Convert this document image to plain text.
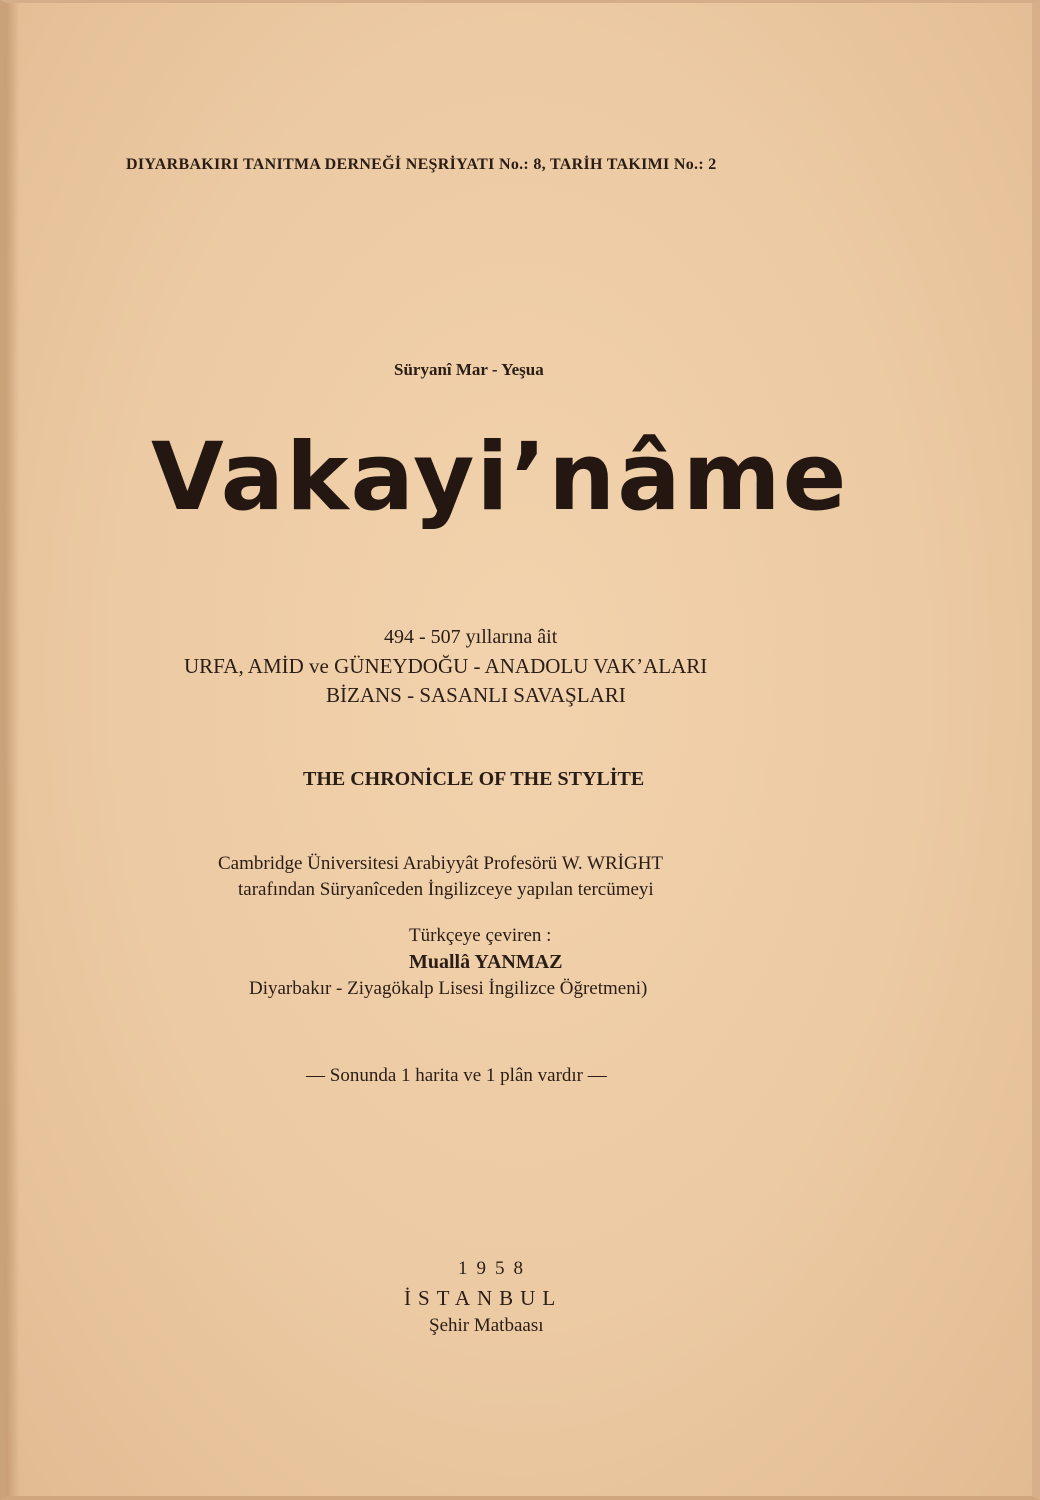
DIYARBAKIRI TANITMA DERNEĞİ NEŞRİYATI No.: 8, TARİH TAKIMI No.: 2
Süryanî Mar - Yeşua
Vakayi’nâme
494 - 507 yıllarına âit
URFA, AMİD ve GÜNEYDOĞU - ANADOLU VAK’ALARI
BİZANS - SASANLI SAVAŞLARI
THE CHRONİCLE OF THE STYLİTE
Cambridge Üniversitesi Arabiyyât Profesörü W. WRİGHT
tarafından Süryanîceden İngilizceye yapılan tercümeyi
Türkçeye çeviren :
Muallâ YANMAZ
Diyarbakır - Ziyagökalp Lisesi İngilizce Öğretmeni)
— Sonunda 1 harita ve 1 plân vardır —
1958
İSTANBUL
Şehir Matbaası
